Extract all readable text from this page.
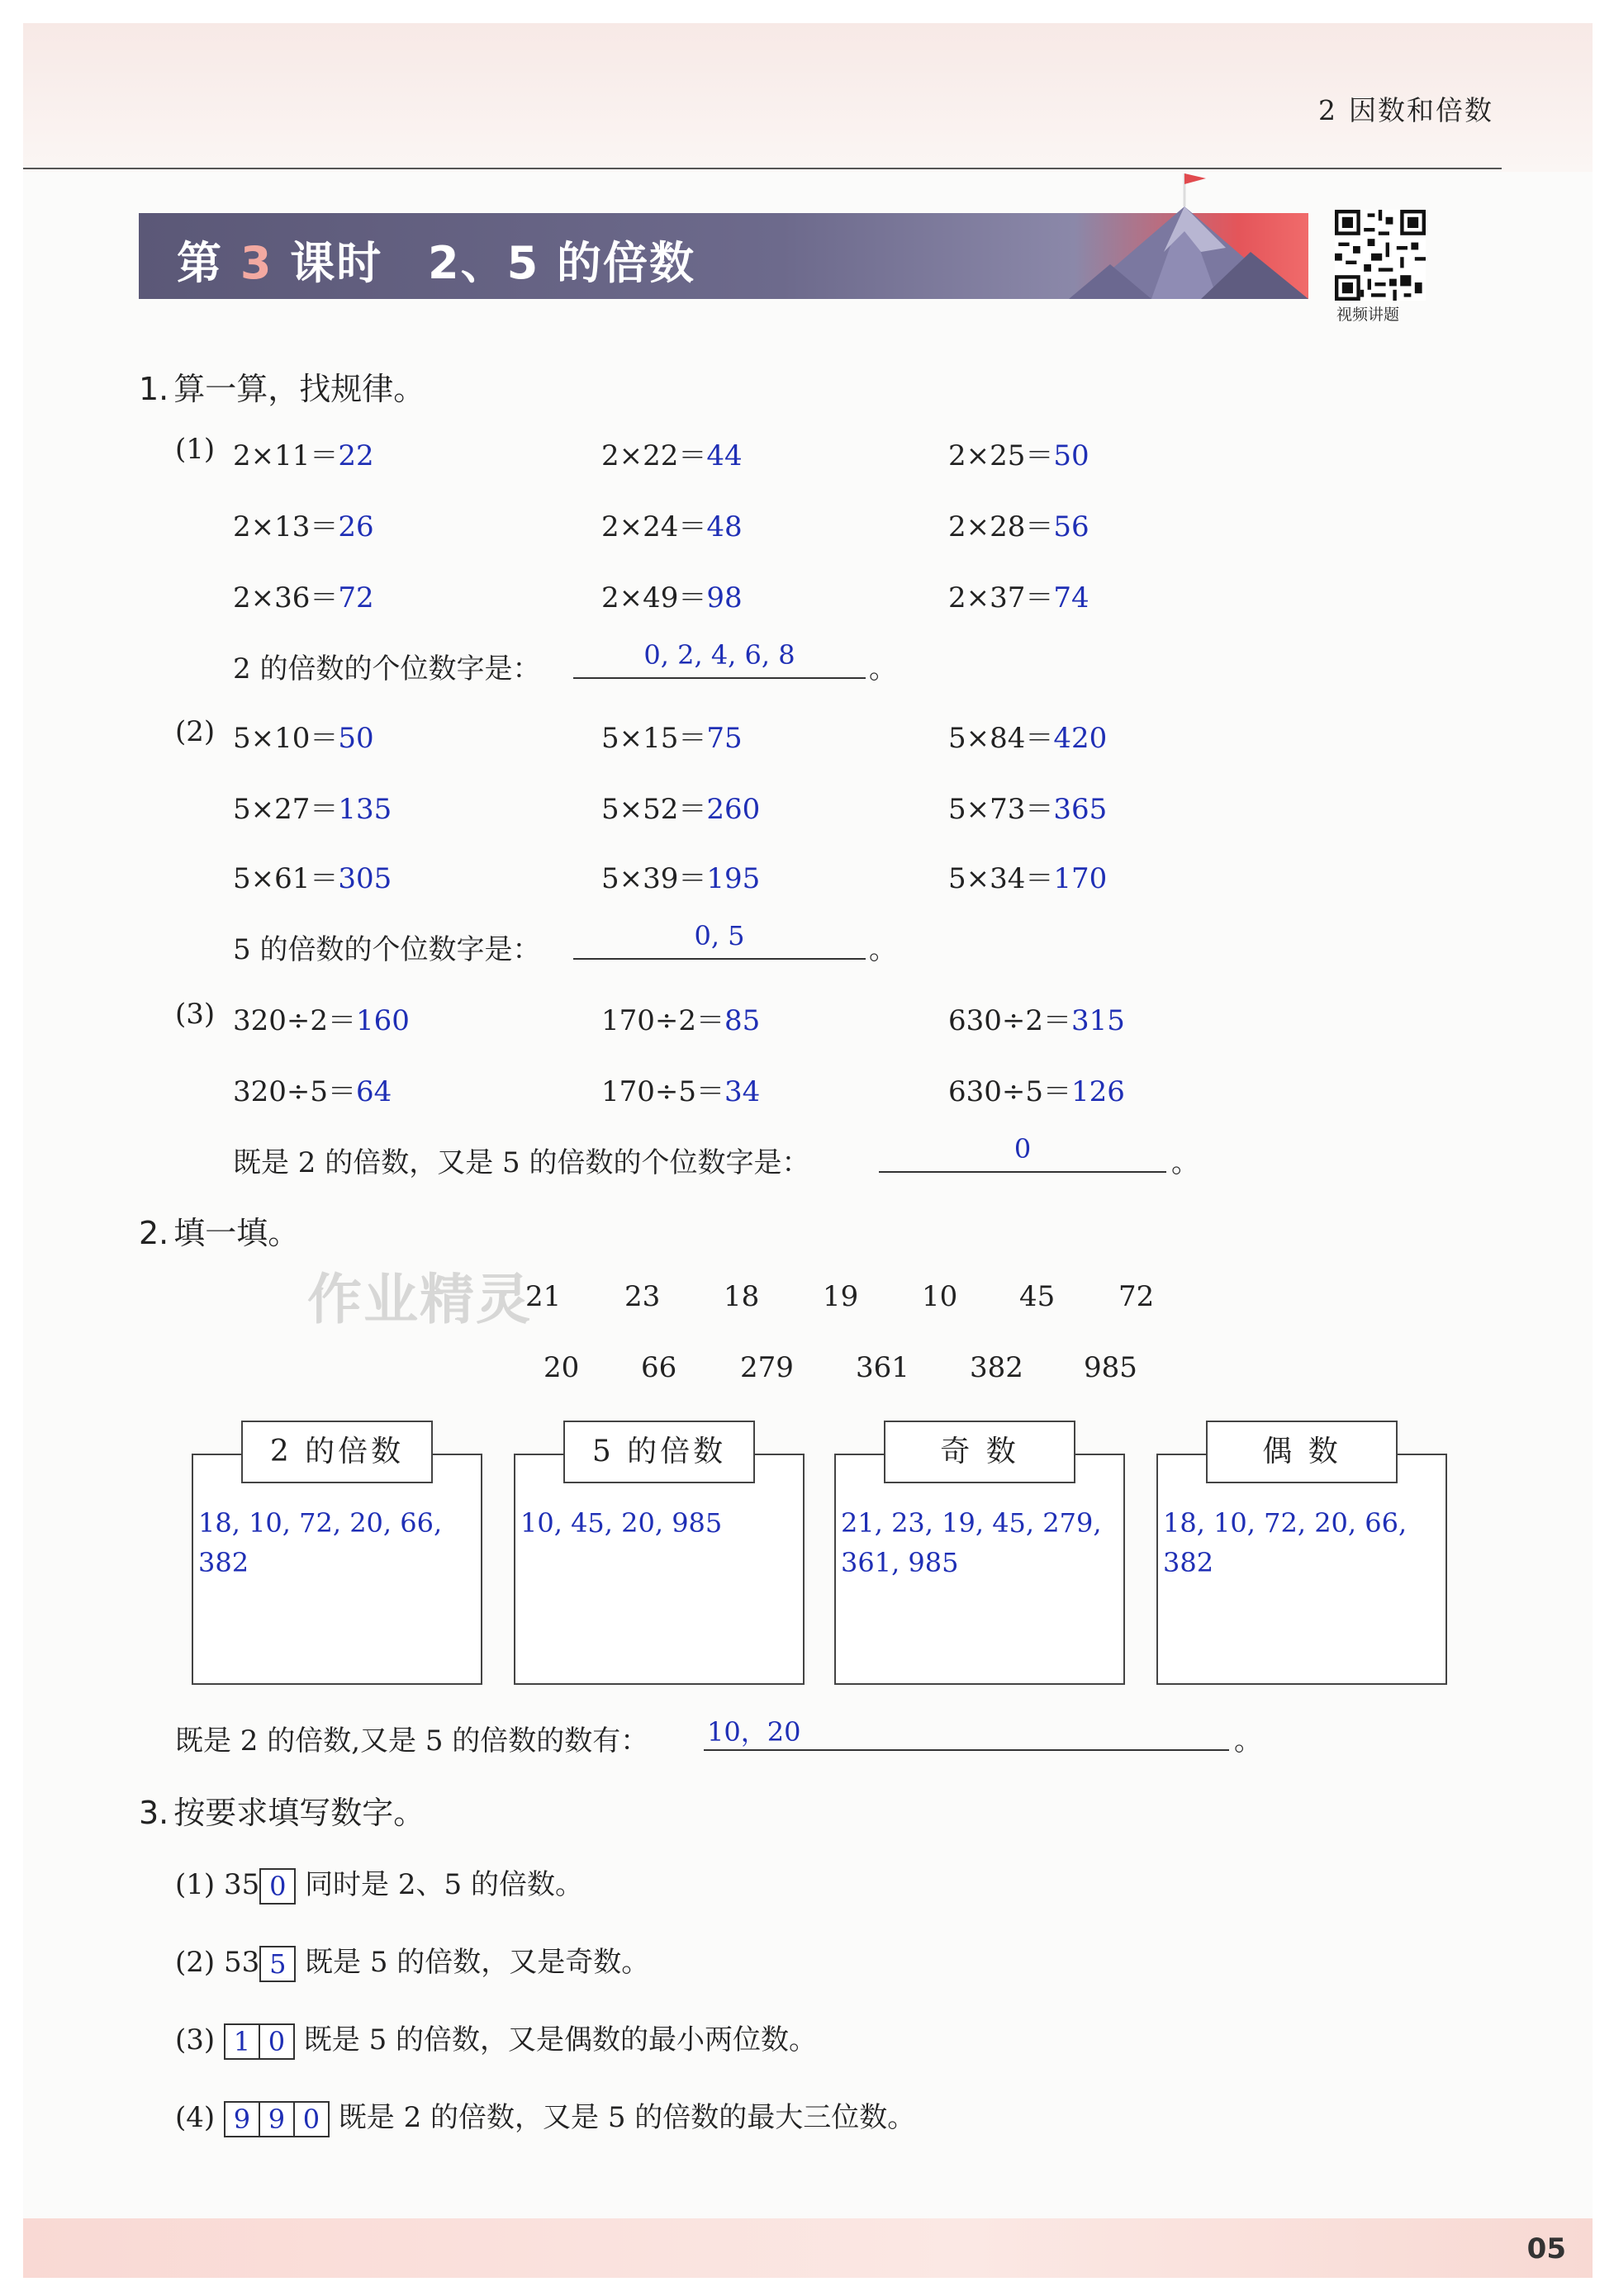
2 因数和倍数
第 3 课时 2、5 的倍数
视频讲题
1. 算一算，找规律。
(1) 2×11＝22	2×22＝44	2×25＝50
2×13＝26	2×24＝48	2×28＝56
2×36＝72	2×49＝98	2×37＝74
2 的倍数的个位数字是：	0, 2, 4, 6, 8	。
(2) 5×10＝50	5×15＝75	5×84＝420
5×27＝135	5×52＝260	5×73＝365
5×61＝305	5×39＝195	5×34＝170
5 的倍数的个位数字是：	0, 5	。
(3) 320÷2＝160	170÷2＝85	630÷2＝315
320÷5＝64	170÷5＝34	630÷5＝126
既是 2 的倍数，又是 5 的倍数的个位数字是：	0	。
2. 填一填。
作业精灵
21 23 18 19 10 45 72
20 66 279 361 382 985
2 的倍数
18, 10, 72, 20, 66, 382
5 的倍数
10, 45, 20, 985
奇 数
21, 23, 19, 45, 279, 361, 985
偶 数
18, 10, 72, 20, 66, 382
既是 2 的倍数,又是 5 的倍数的数有： 10，20	。
3. 按要求填写数字。
(1) 35 0 同时是 2、5 的倍数。
(2) 53 5 既是 5 的倍数，又是奇数。
(3) 1 0 既是 5 的倍数，又是偶数的最小两位数。
(4) 9 9 0 既是 2 的倍数，又是 5 的倍数的最大三位数。
05
